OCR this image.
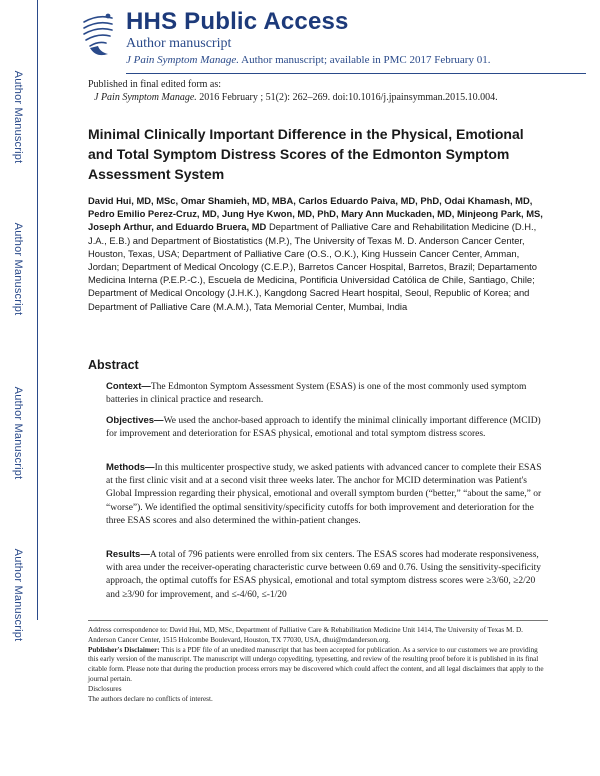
Author Manuscript
Author Manuscript
Author Manuscript
Author Manuscript
HHS Public Access
Author manuscript
J Pain Symptom Manage. Author manuscript; available in PMC 2017 February 01.
Published in final edited form as:
J Pain Symptom Manage. 2016 February ; 51(2): 262–269. doi:10.1016/j.jpainsymman.2015.10.004.
Minimal Clinically Important Difference in the Physical, Emotional and Total Symptom Distress Scores of the Edmonton Symptom Assessment System
David Hui, MD, MSc, Omar Shamieh, MD, MBA, Carlos Eduardo Paiva, MD, PhD, Odai Khamash, MD, Pedro Emilio Perez-Cruz, MD, Jung Hye Kwon, MD, PhD, Mary Ann Muckaden, MD, Minjeong Park, MS, Joseph Arthur, and Eduardo Bruera, MD Department of Palliative Care and Rehabilitation Medicine (D.H., J.A., E.B.) and Department of Biostatistics (M.P.), The University of Texas M. D. Anderson Cancer Center, Houston, Texas, USA; Department of Palliative Care (O.S., O.K.), King Hussein Cancer Center, Amman, Jordan; Department of Medical Oncology (C.E.P.), Barretos Cancer Hospital, Barretos, Brazil; Departamento Medicina Interna (P.E.P.-C.), Escuela de Medicina, Pontificia Universidad Católica de Chile, Santiago, Chile; Department of Medical Oncology (J.H.K.), Kangdong Sacred Heart hospital, Seoul, Republic of Korea; and Department of Palliative Care (M.A.M.), Tata Memorial Center, Mumbai, India
Abstract
Context—The Edmonton Symptom Assessment System (ESAS) is one of the most commonly used symptom batteries in clinical practice and research.
Objectives—We used the anchor-based approach to identify the minimal clinically important difference (MCID) for improvement and deterioration for ESAS physical, emotional and total symptom distress scores.
Methods—In this multicenter prospective study, we asked patients with advanced cancer to complete their ESAS at the first clinic visit and at a second visit three weeks later. The anchor for MCID determination was Patient's Global Impression regarding their physical, emotional and overall symptom burden (“better,” “about the same,” or “worse”). We identified the optimal sensitivity/specificity cutoffs for both improvement and deterioration for the three ESAS scores and also determined the within-patient changes.
Results—A total of 796 patients were enrolled from six centers. The ESAS scores had moderate responsiveness, with area under the receiver-operating characteristic curve between 0.69 and 0.76. Using the sensitivity-specificity approach, the optimal cutoffs for ESAS physical, emotional and total symptom distress scores were ≥3/60, ≥2/20 and ≥3/90 for improvement, and ≤-4/60, ≤-1/20
Address correspondence to: David Hui, MD, MSc, Department of Palliative Care & Rehabilitation Medicine Unit 1414, The University of Texas M. D. Anderson Cancer Center, 1515 Holcombe Boulevard, Houston, TX 77030, USA, dhui@mdanderson.org.
Publisher's Disclaimer: This is a PDF file of an unedited manuscript that has been accepted for publication. As a service to our customers we are providing this early version of the manuscript. The manuscript will undergo copyediting, typesetting, and review of the resulting proof before it is published in its final citable form. Please note that during the production process errors may be discovered which could affect the content, and all legal disclaimers that apply to the journal pertain.
Disclosures
The authors declare no conflicts of interest.
